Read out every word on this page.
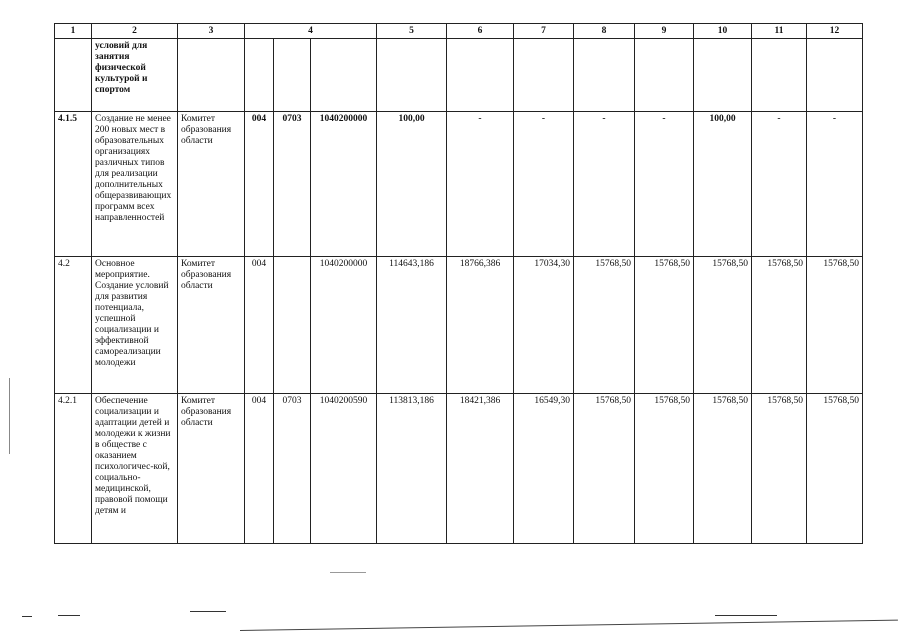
1	2	3	4			5	6	7	8	9	10	11	12
	условий для занятия физической культурой и спортом												
4.1.5	Создание не менее 200 новых мест в образовательных организациях различных типов для реализации дополнительных общеразвивающих программ всех направленностей	Комитет образования области	004	0703	1040200000	100,00	-	-	-	-	100,00	-	-
4.2	Основное мероприятие. Создание условий для развития потенциала, успешной социализации и эффективной самореализации молодежи	Комитет образования области	004		1040200000	114643,186	18766,386	17034,30	15768,50	15768,50	15768,50	15768,50	15768,50
4.2.1	Обеспечение социализации и адаптации детей и молодежи к жизни в обществе с оказанием психологичес-кой, социально-медицинской, правовой помощи детям и	Комитет образования области	004	0703	1040200590	113813,186	18421,386	16549,30	15768,50	15768,50	15768,50	15768,50	15768,50
